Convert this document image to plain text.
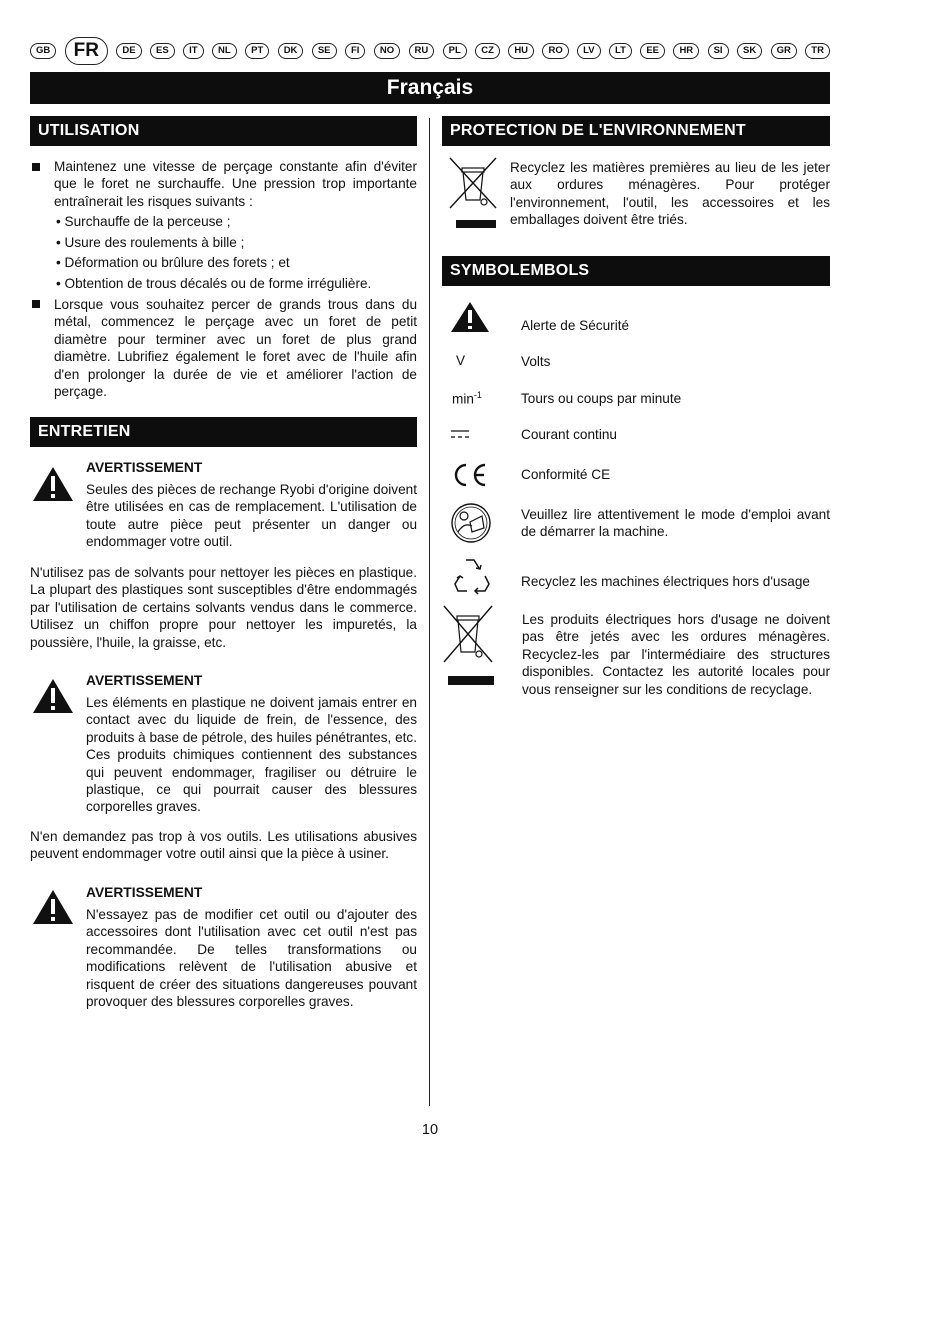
GB	FR	DE	ES	IT	NL	PT	DK	SE	FI	NO	RU	PL	CZ	HU	RO	LV	LT	EE	HR	SI	SK	GR	TR
Français
UTILISATION
Maintenez une vitesse de perçage constante afin d'éviter que le foret ne surchauffe. Une pression trop importante entraînerait les risques suivants :
• Surchauffe de la perceuse ;
• Usure des roulements à bille ;
• Déformation ou brûlure des forets ; et
• Obtention de trous décalés ou de forme irrégulière.
Lorsque vous souhaitez percer de grands trous dans du métal, commencez le perçage avec un foret de petit diamètre pour terminer avec un foret de plus grand diamètre. Lubrifiez également le foret avec de l'huile afin d'en prolonger la durée de vie et améliorer l'action de perçage.
ENTRETIEN
AVERTISSEMENT
Seules des pièces de rechange Ryobi d'origine doivent être utilisées en cas de remplacement. L'utilisation de toute autre pièce peut présenter un danger ou endommager votre outil.
N'utilisez pas de solvants pour nettoyer les pièces en plastique. La plupart des plastiques sont susceptibles d'être endommagés par l'utilisation de certains solvants vendus dans le commerce. Utilisez un chiffon propre pour nettoyer les impuretés, la poussière, l'huile, la graisse, etc.
AVERTISSEMENT
Les éléments en plastique ne doivent jamais entrer en contact avec du liquide de frein, de l'essence, des produits à base de pétrole, des huiles pénétrantes, etc. Ces produits chimiques contiennent des substances qui peuvent endommager, fragiliser ou détruire le plastique, ce qui pourrait causer des blessures corporelles graves.
N'en demandez pas trop à vos outils. Les utilisations abusives peuvent endommager votre outil ainsi que la pièce à usiner.
AVERTISSEMENT
N'essayez pas de modifier cet outil ou d'ajouter des accessoires dont l'utilisation avec cet outil n'est pas recommandée. De telles transformations ou modifications relèvent de l'utilisation abusive et risquent de créer des situations dangereuses pouvant provoquer des blessures corporelles graves.
PROTECTION DE L'ENVIRONNEMENT
Recyclez les matières premières au lieu de les jeter aux ordures ménagères. Pour protéger l'environnement, l'outil, les accessoires et les emballages doivent être triés.
SYMBOLEMBOLS
Alerte de Sécurité
V	Volts
$\min^{-1}$	Tours ou coups par minute
Courant continu
Conformité CE
Veuillez lire attentivement le mode d'emploi avant de démarrer la machine.
Recyclez les machines électriques hors d'usage
Les produits électriques hors d'usage ne doivent pas être jetés avec les ordures ménagères. Recyclez-les par l'intermédiaire des structures disponibles. Contactez les autorité locales pour vous renseigner sur les conditions de recyclage.
10
